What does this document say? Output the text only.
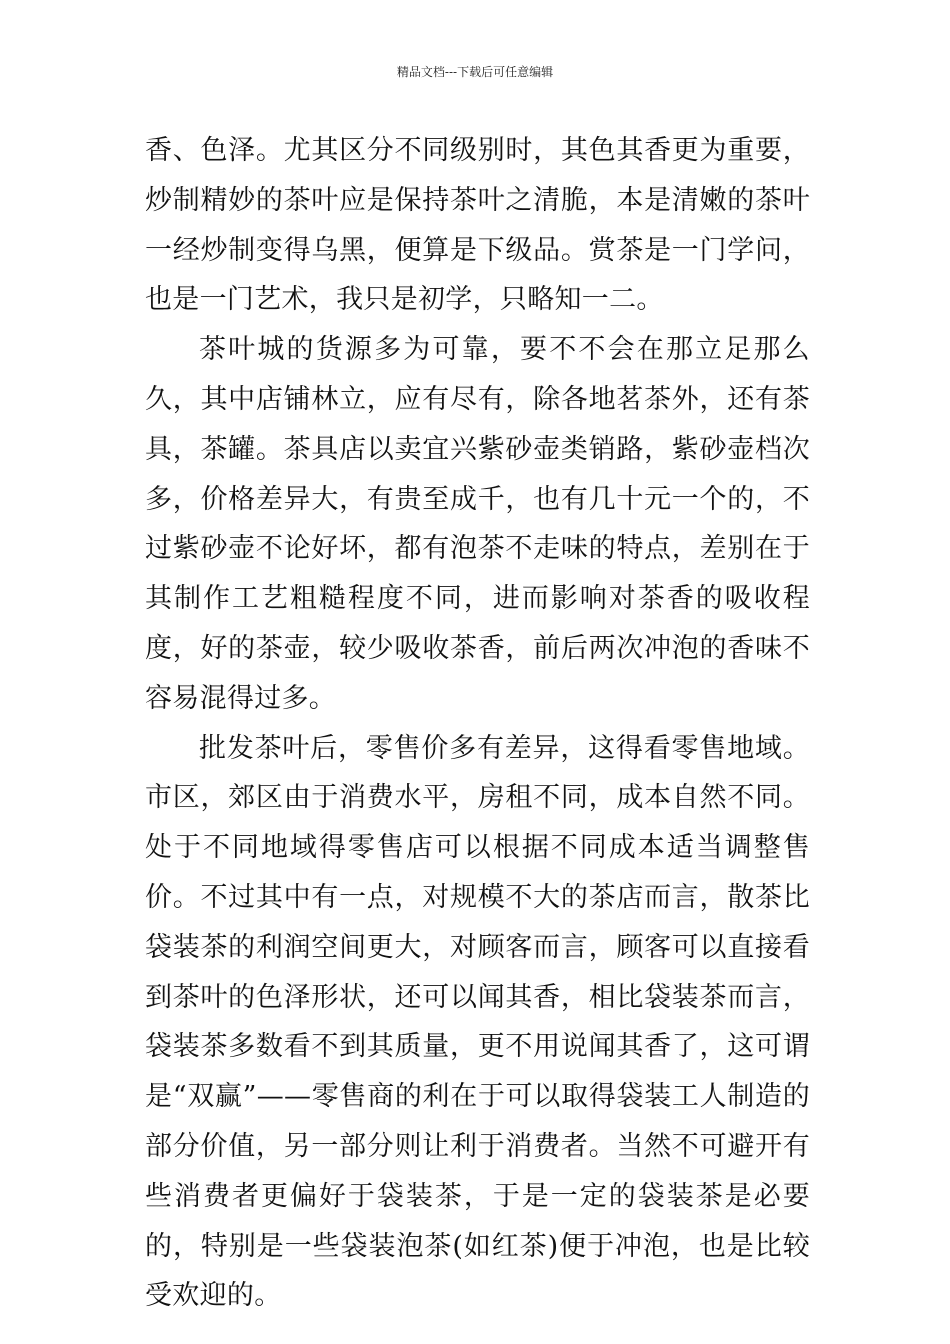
精品文档---下载后可任意编辑

香、色泽。尤其区分不同级别时，其色其香更为重要，炒制精妙的茶叶应是保持茶叶之清脆，本是清嫩的茶叶一经炒制变得乌黑，便算是下级品。赏茶是一门学问，也是一门艺术，我只是初学，只略知一二。

茶叶城的货源多为可靠，要不不会在那立足那么久，其中店铺林立，应有尽有，除各地茗茶外，还有茶具，茶罐。茶具店以卖宜兴紫砂壶类销路，紫砂壶档次多，价格差异大，有贵至成千，也有几十元一个的，不过紫砂壶不论好坏，都有泡茶不走味的特点，差别在于其制作工艺粗糙程度不同，进而影响对茶香的吸收程度，好的茶壶，较少吸收茶香，前后两次冲泡的香味不容易混得过多。

批发茶叶后，零售价多有差异，这得看零售地域。市区，郊区由于消费水平，房租不同，成本自然不同。处于不同地域得零售店可以根据不同成本适当调整售价。不过其中有一点，对规模不大的茶店而言，散茶比袋装茶的利润空间更大，对顾客而言，顾客可以直接看到茶叶的色泽形状，还可以闻其香，相比袋装茶而言，袋装茶多数看不到其质量，更不用说闻其香了，这可谓是“双赢”——零售商的利在于可以取得袋装工人制造的部分价值，另一部分则让利于消费者。当然不可避开有些消费者更偏好于袋装茶，于是一定的袋装茶是必要的，特别是一些袋装泡茶(如红茶)便于冲泡，也是比较受欢迎的。
